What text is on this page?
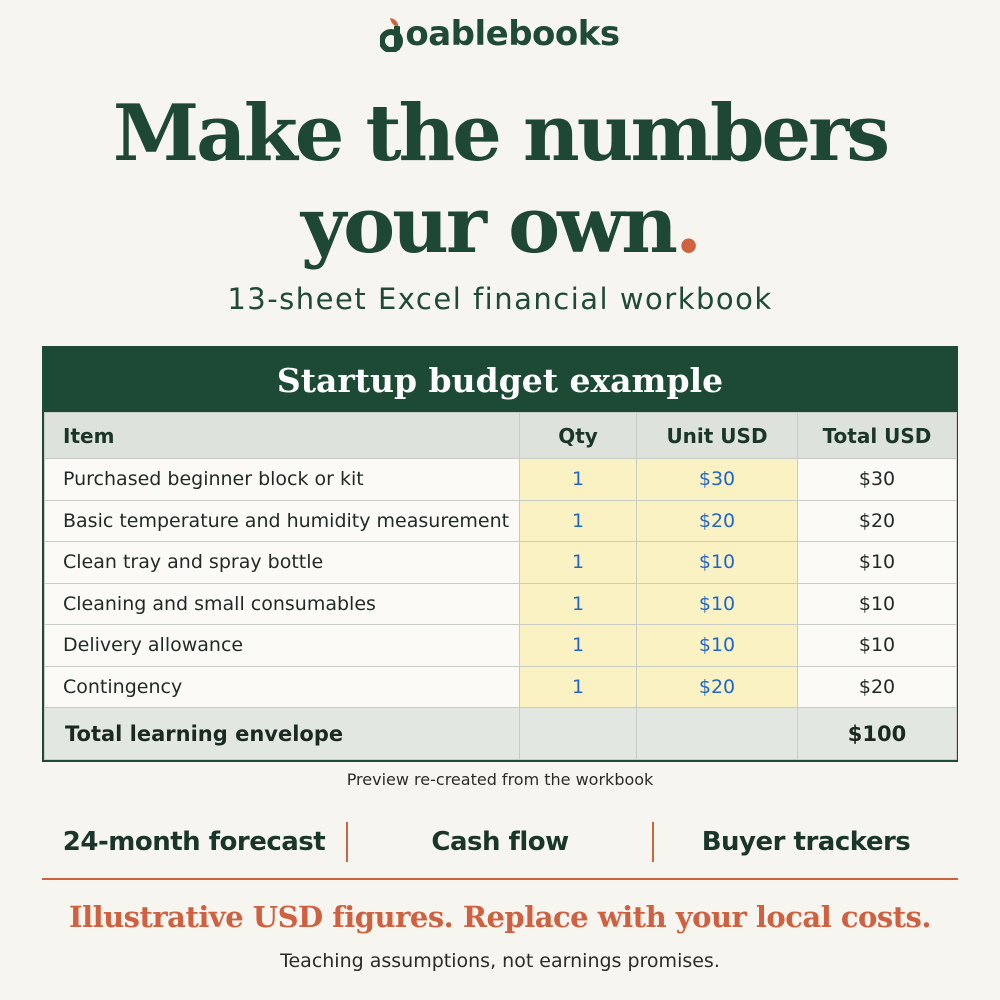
oablebooks
Make the numbers
your own.
13-sheet Excel financial workbook
Startup budget example
Item	Qty	Unit USD	Total USD
Purchased beginner block or kit	1	$30	$30
Basic temperature and humidity measurement	1	$20	$20
Clean tray and spray bottle	1	$10	$10
Cleaning and small consumables	1	$10	$10
Delivery allowance	1	$10	$10
Contingency	1	$20	$20
Total learning envelope			$100
Preview re-created from the workbook
24-month forecast	Cash flow	Buyer trackers
Illustrative USD figures. Replace with your local costs.
Teaching assumptions, not earnings promises.
